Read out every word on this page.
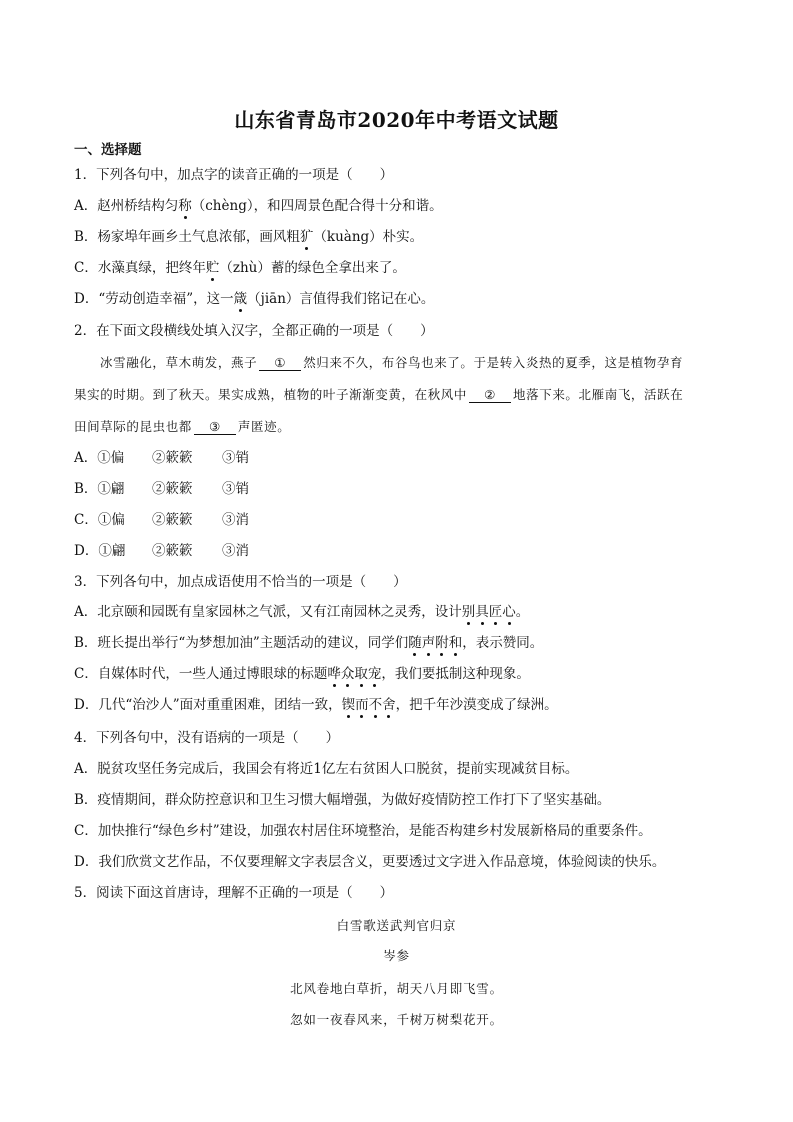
山东省青岛市2020年中考语文试题
一、选择题
1．下列各句中，加点字的读音正确的一项是（　　）
A．赵州桥结构匀称（chèng），和四周景色配合得十分和谐。
B．杨家埠年画乡土气息浓郁，画风粗犷（kuàng）朴实。
C．水藻真绿，把终年贮（zhù）蓄的绿色全拿出来了。
D．“劳动创造幸福”，这一箴（jiān）言值得我们铭记在心。
2．在下面文段横线处填入汉字，全都正确的一项是（　　）
冰雪融化，草木萌发，燕子 ① 然归来不久，布谷鸟也来了。于是转入炎热的夏季，这是植物孕育
果实的时期。到了秋天。果实成熟，植物的叶子渐渐变黄，在秋风中 ② 地落下来。北雁南飞，活跃在
田间草际的昆虫也都 ③ 声匿迹。
A．①偏 ②簌簌 ③销
B．①翩 ②簌簌 ③销
C．①偏 ②簌簌 ③消
D．①翩 ②簌簌 ③消
3．下列各句中，加点成语使用不恰当的一项是（　　）
A．北京颐和园既有皇家园林之气派，又有江南园林之灵秀，设计别具匠心。
B．班长提出举行“为梦想加油”主题活动的建议，同学们随声附和，表示赞同。
C．自媒体时代，一些人通过博眼球的标题哗众取宠，我们要抵制这种现象。
D．几代“治沙人”面对重重困难，团结一致，锲而不舍，把千年沙漠变成了绿洲。
4．下列各句中，没有语病的一项是（　　）
A．脱贫攻坚任务完成后，我国会有将近1亿左右贫困人口脱贫，提前实现减贫目标。
B．疫情期间，群众防控意识和卫生习惯大幅增强，为做好疫情防控工作打下了坚实基础。
C．加快推行“绿色乡村”建设，加强农村居住环境整治，是能否构建乡村发展新格局的重要条件。
D．我们欣赏文艺作品，不仅要理解文字表层含义，更要透过文字进入作品意境，体验阅读的快乐。
5．阅读下面这首唐诗，理解不正确的一项是（　　）
白雪歌送武判官归京
岑参
北风卷地白草折，胡天八月即飞雪。
忽如一夜春风来，千树万树梨花开。
